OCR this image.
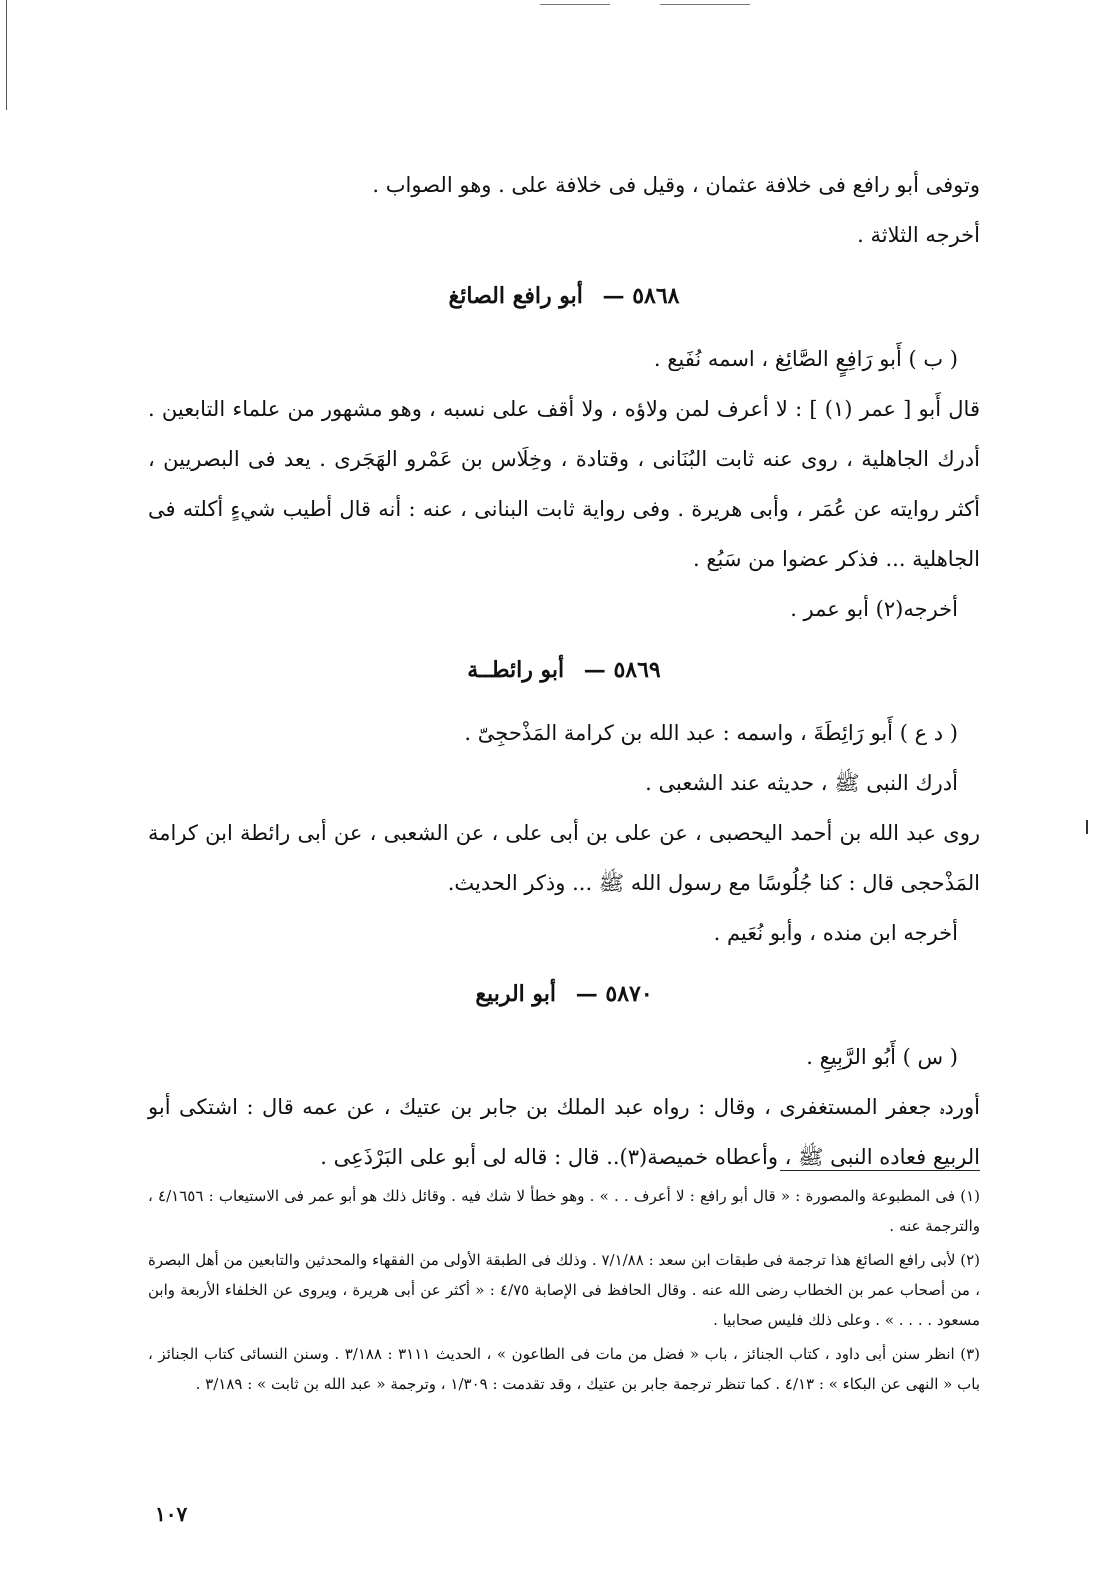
وتوفى أبو رافع فى خلافة عثمان ، وقيل فى خلافة على . وهو الصواب .

أخرجه الثلاثة .

٥٨٦٨ — أبو رافع الصائغ

( ب ) أَبو رَافِعٍ الصَّائِغ ، اسمه نُفَيع .

قال أَبو [ عمر (١) ] : لا أعرف لمن ولاؤه ، ولا أقف على نسبه ، وهو مشهور من علماء التابعين . أدرك الجاهلية ، روى عنه ثابت البُنَانى ، وقتادة ، وخِلَاس بن عَمْرو الهَجَرى . يعد فى البصريين ، أكثر روايته عن عُمَر ، وأبى هريرة . وفى رواية ثابت البنانى ، عنه : أنه قال أطيب شيءٍ أكلته فى الجاهلية ... فذكر عضوا من سَبُع .

أخرجه(٢) أبو عمر .

٥٨٦٩ — أبو رائطــة

( د ع ) أَبو رَائِطَةَ ، واسمه : عبد الله بن كرامة المَذْحجِىّ .

أدرك النبى ﷺ ، حديثه عند الشعبى .

روى عبد الله بن أحمد اليحصبى ، عن على بن أبى على ، عن الشعبى ، عن أبى رائطة ابن كرامة المَذْحجى قال : كنا جُلُوسًا مع رسول الله ﷺ ... وذكر الحديث.

أخرجه ابن منده ، وأبو نُعَيم .

٥٨٧٠ — أبو الربيع

( س ) أَبُو الرَّبِيعِ .

أوردہ جعفر المستغفرى ، وقال : رواه عبد الملك بن جابر بن عتيك ، عن عمه قال : اشتكى أبو الربيع فعاده النبى ﷺ ، وأعطاه خميصة(٣).. قال : قاله لى أبو على البَرْذَعِى .

(١) فى المطبوعة والمصورة : « قال أبو رافع : لا أعرف . . » . وهو خطأ لا شك فيه . وقائل ذلك هو أبو عمر فى الاستيعاب : ٤/١٦٥٦ ، والترجمة عنه .

(٢) لأبى رافع الصائغ هذا ترجمة فى طبقات ابن سعد : ٧/١/٨٨ . وذلك فى الطبقة الأولى من الفقهاء والمحدثين والتابعين من أهل البصرة ، من أصحاب عمر بن الخطاب رضى الله عنه . وقال الحافظ فى الإصابة ٤/٧٥ : « أكثر عن أبى هريرة ، ويروى عن الخلفاء الأربعة وابن مسعود . . . . » . وعلى ذلك فليس صحابيا .

(٣) انظر سنن أبى داود ، كتاب الجنائز ، باب « فضل من مات فى الطاعون » ، الحديث ٣١١١ : ٣/١٨٨ . وسنن النسائى كتاب الجنائز ، باب « النهى عن البكاء » : ٤/١٣ . كما تنظر ترجمة جابر بن عتيك ، وقد تقدمت : ١/٣٠٩ ، وترجمة « عبد الله بن ثابت » : ٣/١٨٩ .

١٠٧
